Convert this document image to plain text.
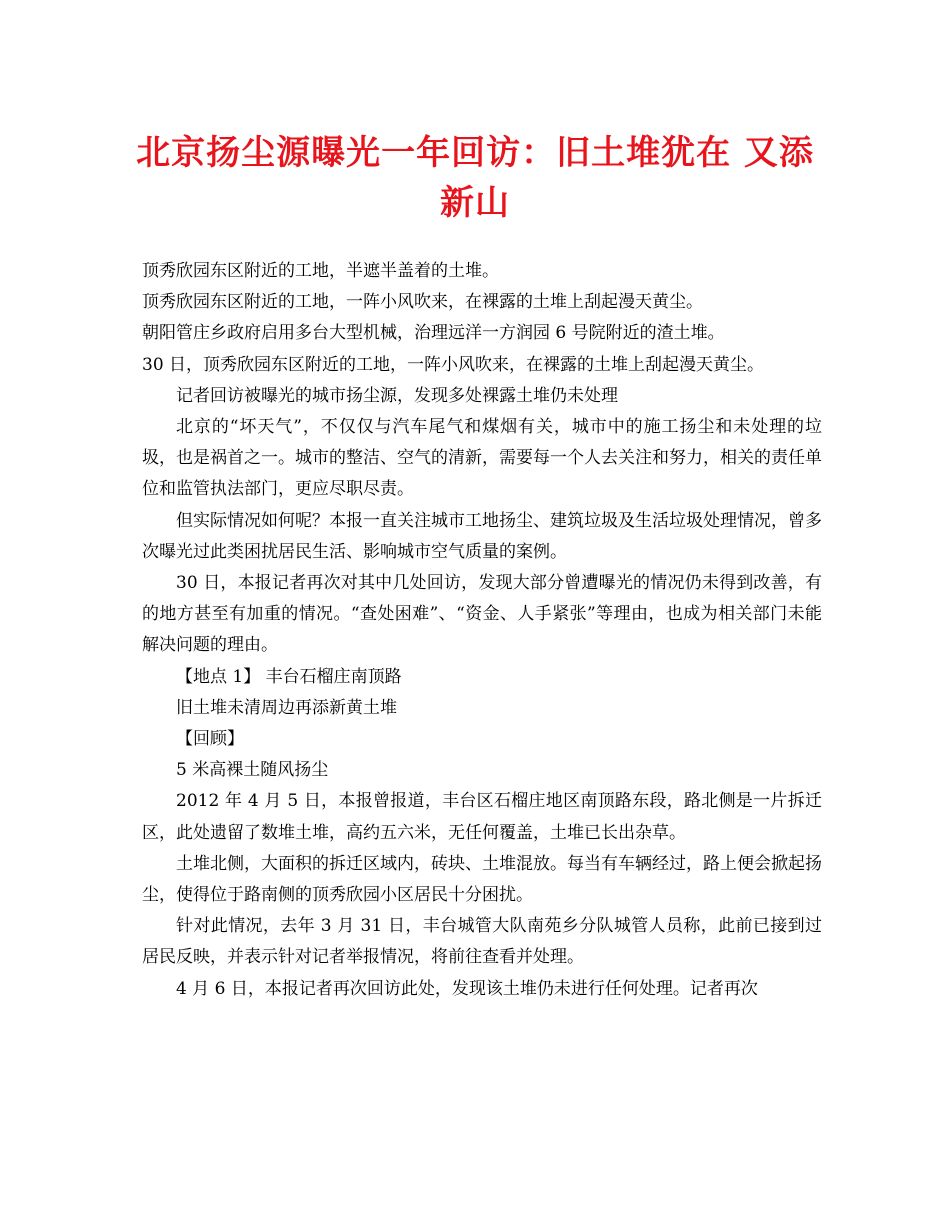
北京扬尘源曝光一年回访：旧土堆犹在 又添
新山

顶秀欣园东区附近的工地，半遮半盖着的土堆。

顶秀欣园东区附近的工地，一阵小风吹来，在裸露的土堆上刮起漫天黄尘。

朝阳管庄乡政府启用多台大型机械，治理远洋一方润园 6 号院附近的渣土堆。

30 日，顶秀欣园东区附近的工地，一阵小风吹来，在裸露的土堆上刮起漫天黄尘。

记者回访被曝光的城市扬尘源，发现多处裸露土堆仍未处理

北京的“坏天气”，不仅仅与汽车尾气和煤烟有关，城市中的施工扬尘和未处理的垃圾，也是祸首之一。城市的整洁、空气的清新，需要每一个人去关注和努力，相关的责任单位和监管执法部门，更应尽职尽责。

但实际情况如何呢？本报一直关注城市工地扬尘、建筑垃圾及生活垃圾处理情况，曾多次曝光过此类困扰居民生活、影响城市空气质量的案例。

30 日，本报记者再次对其中几处回访，发现大部分曾遭曝光的情况仍未得到改善，有的地方甚至有加重的情况。“查处困难”、“资金、人手紧张”等理由，也成为相关部门未能解决问题的理由。

【地点 1】 丰台石榴庄南顶路

旧土堆未清周边再添新黄土堆

【回顾】

5 米高裸土随风扬尘

2012 年 4 月 5 日，本报曾报道，丰台区石榴庄地区南顶路东段，路北侧是一片拆迁区，此处遗留了数堆土堆，高约五六米，无任何覆盖，土堆已长出杂草。

土堆北侧，大面积的拆迁区域内，砖块、土堆混放。每当有车辆经过，路上便会掀起扬尘，使得位于路南侧的顶秀欣园小区居民十分困扰。

针对此情况，去年 3 月 31 日，丰台城管大队南苑乡分队城管人员称，此前已接到过居民反映，并表示针对记者举报情况，将前往查看并处理。

4 月 6 日，本报记者再次回访此处，发现该土堆仍未进行任何处理。记者再次
